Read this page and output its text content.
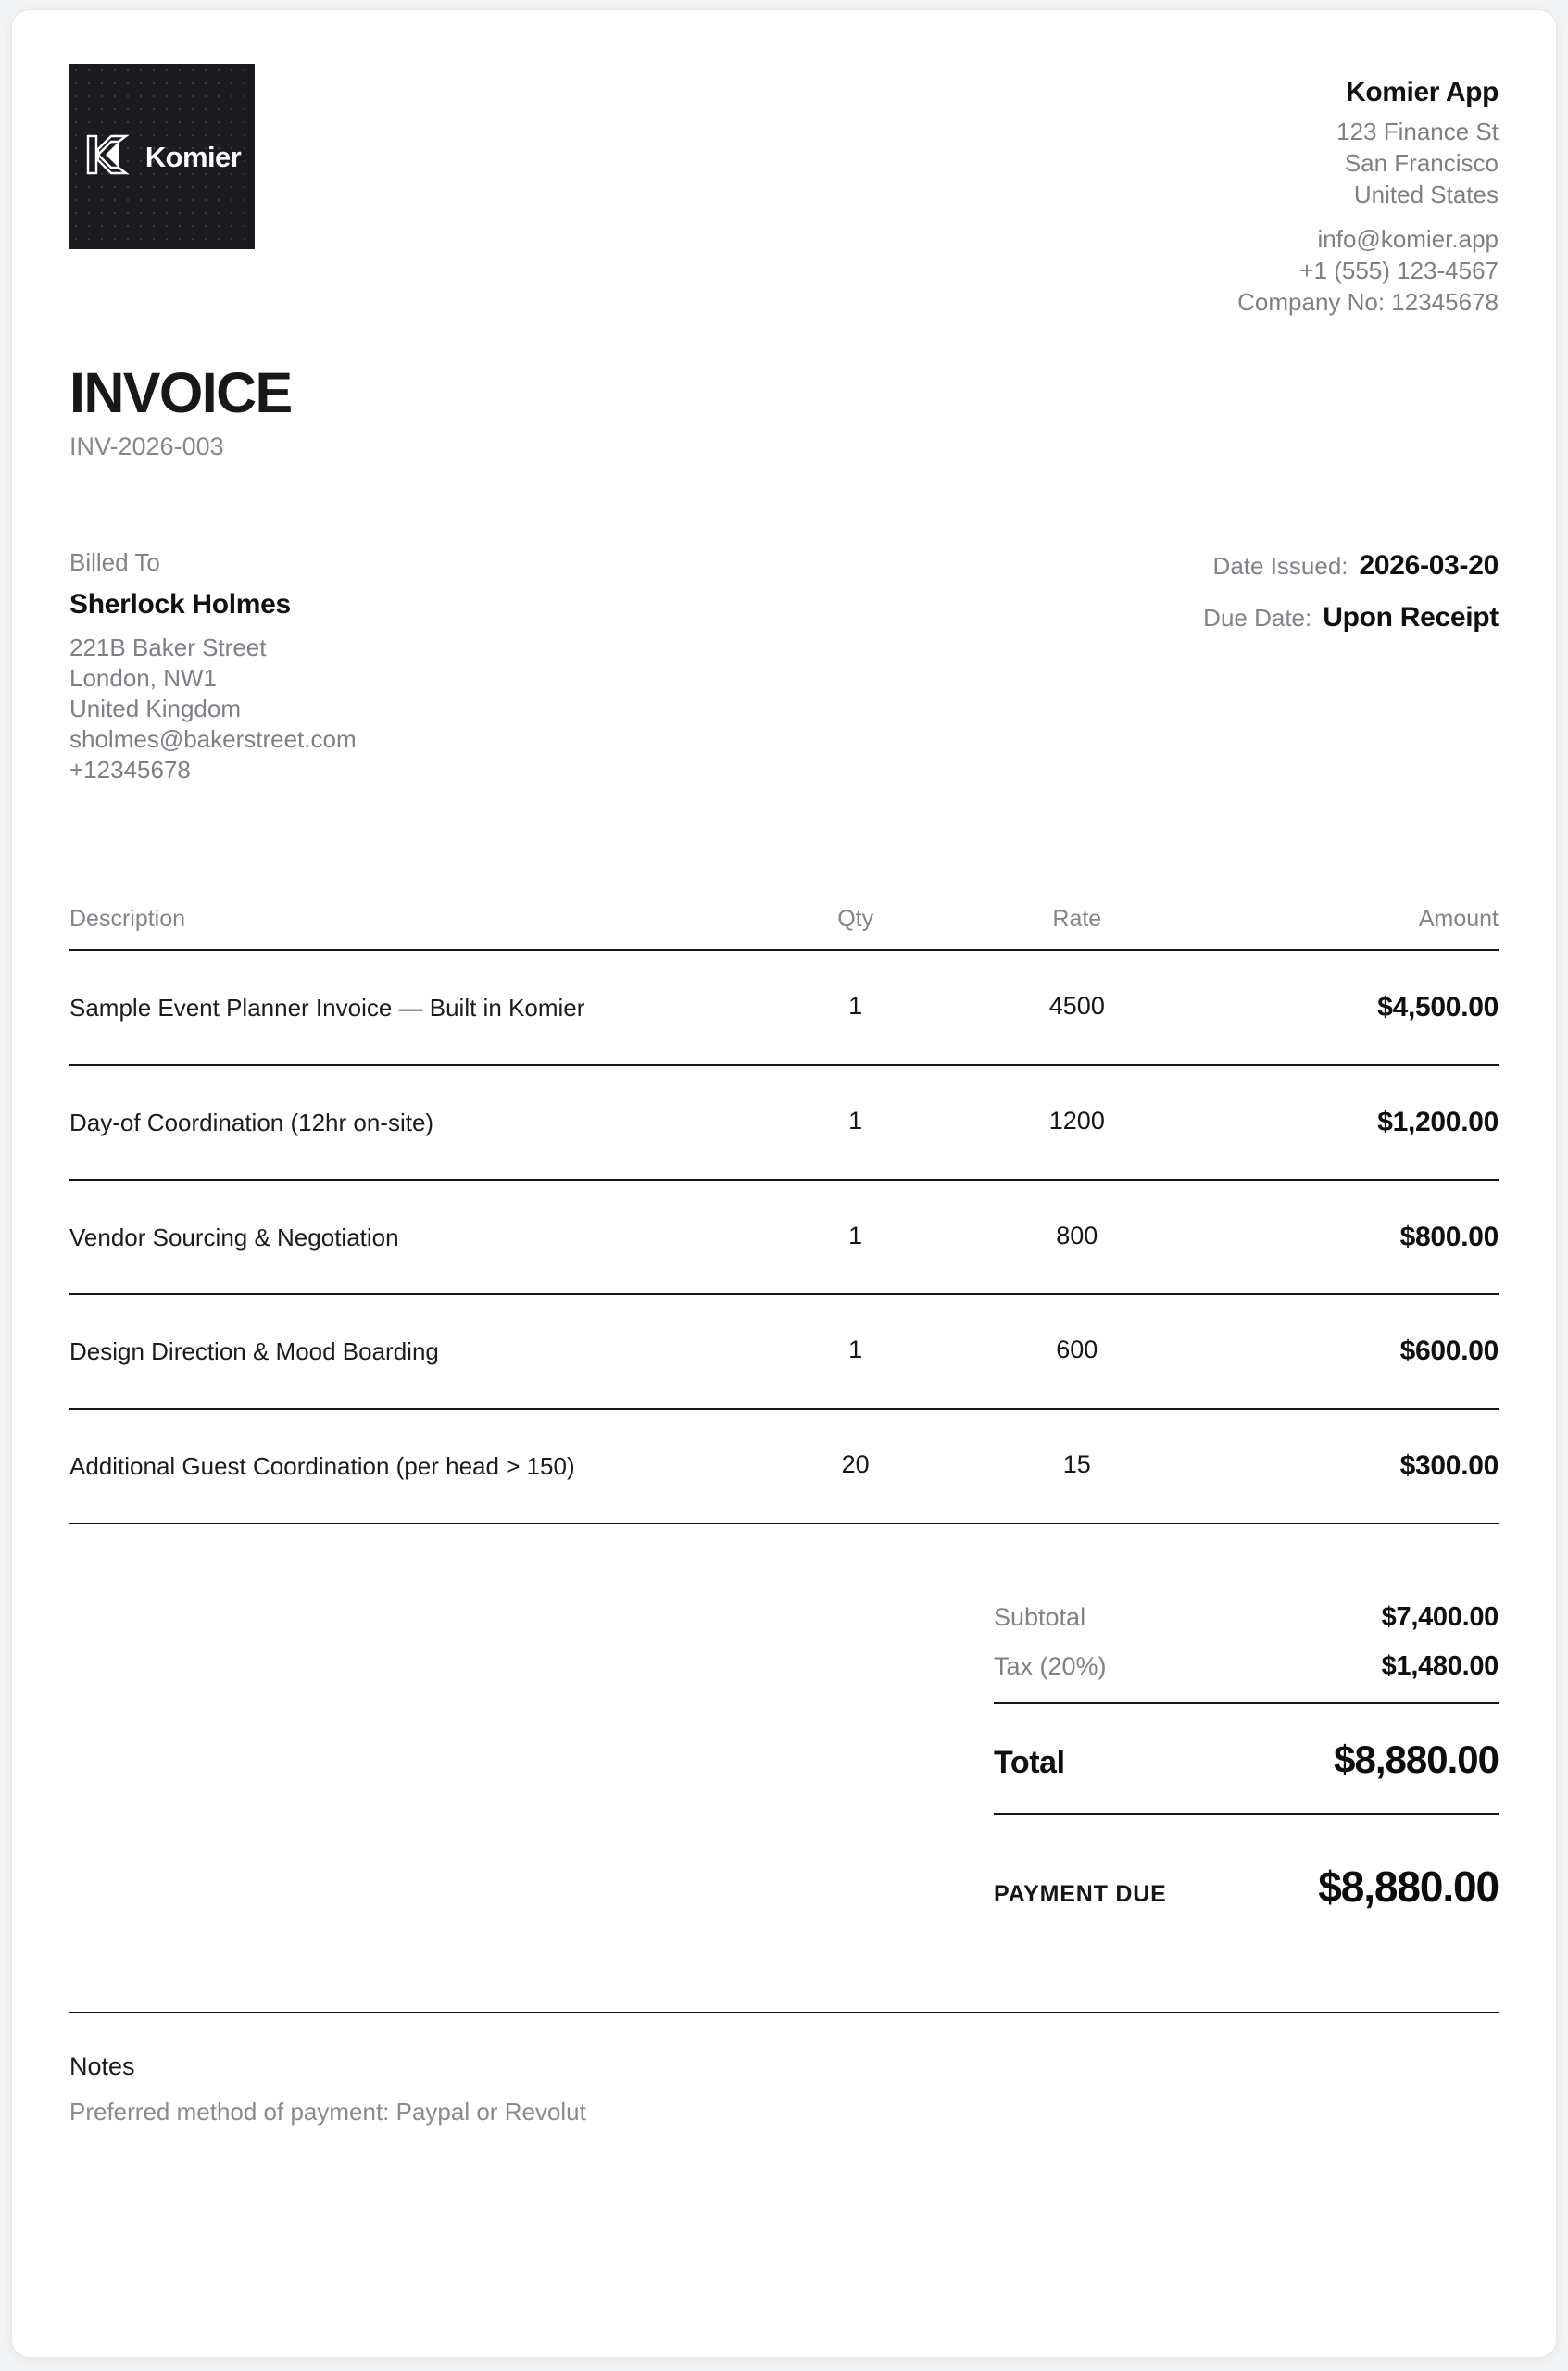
Komier
Komier App
123 Finance St
San Francisco
United States
info@komier.app
+1 (555) 123-4567
Company No: 12345678
INVOICE
INV-2026-003
Billed To
Sherlock Holmes
221B Baker Street
London, NW1
United Kingdom
sholmes@bakerstreet.com
+12345678
Date Issued: 2026-03-20
Due Date: Upon Receipt
Description	Qty	Rate	Amount
Sample Event Planner Invoice — Built in Komier	1	4500	$4,500.00
Day-of Coordination (12hr on-site)	1	1200	$1,200.00
Vendor Sourcing & Negotiation	1	800	$800.00
Design Direction & Mood Boarding	1	600	$600.00
Additional Guest Coordination (per head > 150)	20	15	$300.00
Subtotal	$7,400.00
Tax (20%)	$1,480.00
Total	$8,880.00
PAYMENT DUE	$8,880.00
Notes
Preferred method of payment: Paypal or Revolut
